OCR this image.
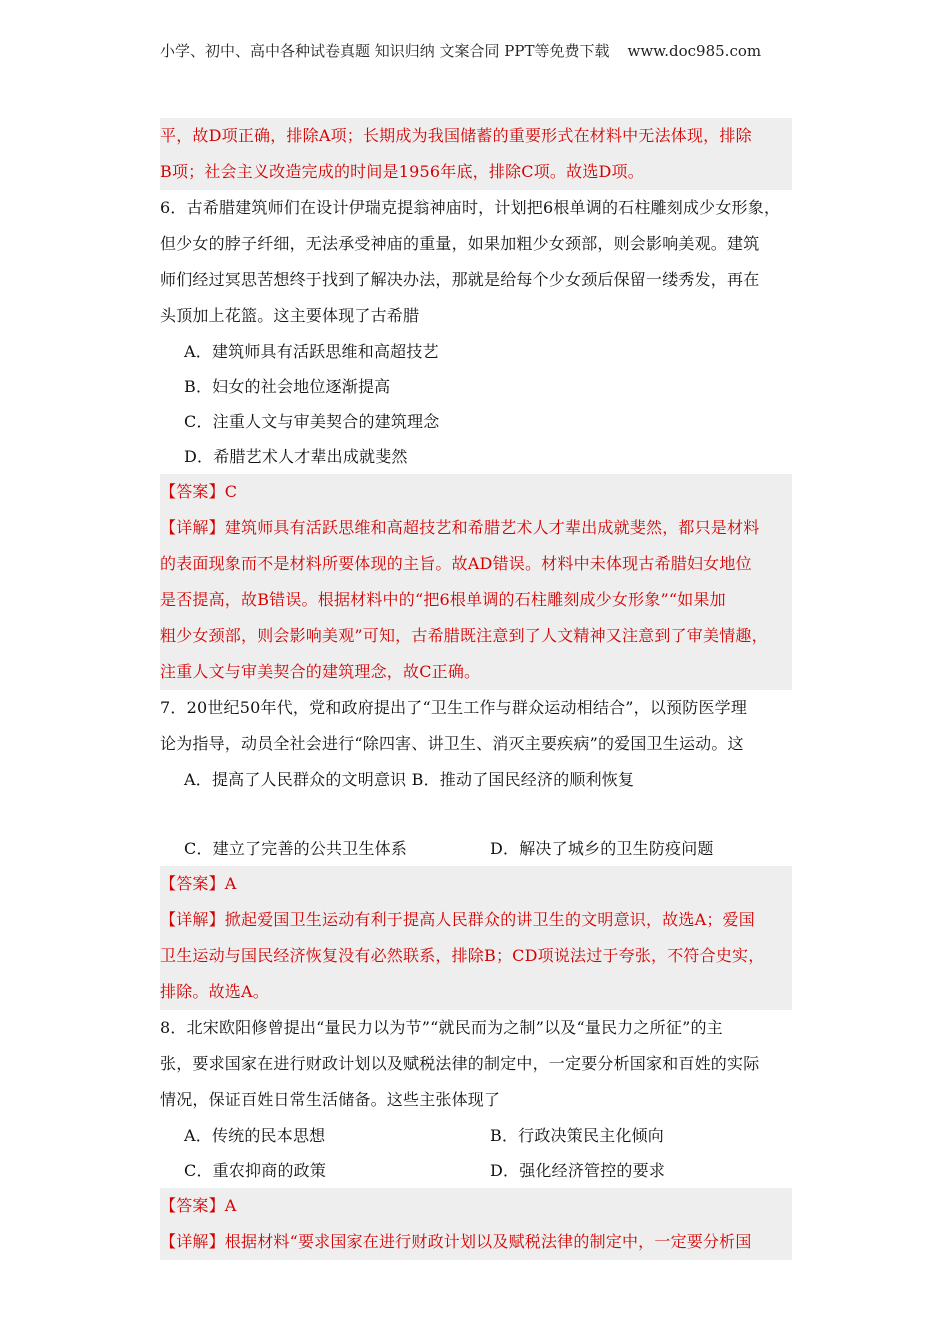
小学、初中、高中各种试卷真题 知识归纳 文案合同 PPT等免费下载 www.doc985.com
平，故D项正确，排除A项；长期成为我国储蓄的重要形式在材料中无法体现，排除
B项；社会主义改造完成的时间是1956年底，排除C项。故选D项。
6．古希腊建筑师们在设计伊瑞克提翁神庙时，计划把6根单调的石柱雕刻成少女形象，
但少女的脖子纤细，无法承受神庙的重量，如果加粗少女颈部，则会影响美观。建筑
师们经过冥思苦想终于找到了解决办法，那就是给每个少女颈后保留一缕秀发，再在
头顶加上花篮。这主要体现了古希腊
A．建筑师具有活跃思维和高超技艺
B．妇女的社会地位逐渐提高
C．注重人文与审美契合的建筑理念
D．希腊艺术人才辈出成就斐然
【答案】C
【详解】建筑师具有活跃思维和高超技艺和希腊艺术人才辈出成就斐然，都只是材料
的表面现象而不是材料所要体现的主旨。故AD错误。材料中未体现古希腊妇女地位
是否提高，故B错误。根据材料中的“把6根单调的石柱雕刻成少女形象”“如果加
粗少女颈部，则会影响美观”可知，古希腊既注意到了人文精神又注意到了审美情趣，
注重人文与审美契合的建筑理念，故C正确。
7．20世纪50年代，党和政府提出了“卫生工作与群众运动相结合”，以预防医学理
论为指导，动员全社会进行“除四害、讲卫生、消灭主要疾病”的爱国卫生运动。这
A．提高了人民群众的文明意识 B．推动了国民经济的顺利恢复
C．建立了完善的公共卫生体系	D．解决了城乡的卫生防疫问题
【答案】A
【详解】掀起爱国卫生运动有利于提高人民群众的讲卫生的文明意识，故选A；爱国
卫生运动与国民经济恢复没有必然联系，排除B；CD项说法过于夸张，不符合史实，
排除。故选A。
8．北宋欧阳修曾提出“量民力以为节”“就民而为之制”以及“量民力之所征”的主
张，要求国家在进行财政计划以及赋税法律的制定中，一定要分析国家和百姓的实际
情况，保证百姓日常生活储备。这些主张体现了
A．传统的民本思想	B．行政决策民主化倾向
C．重农抑商的政策	D．强化经济管控的要求
【答案】A
【详解】根据材料“要求国家在进行财政计划以及赋税法律的制定中，一定要分析国
